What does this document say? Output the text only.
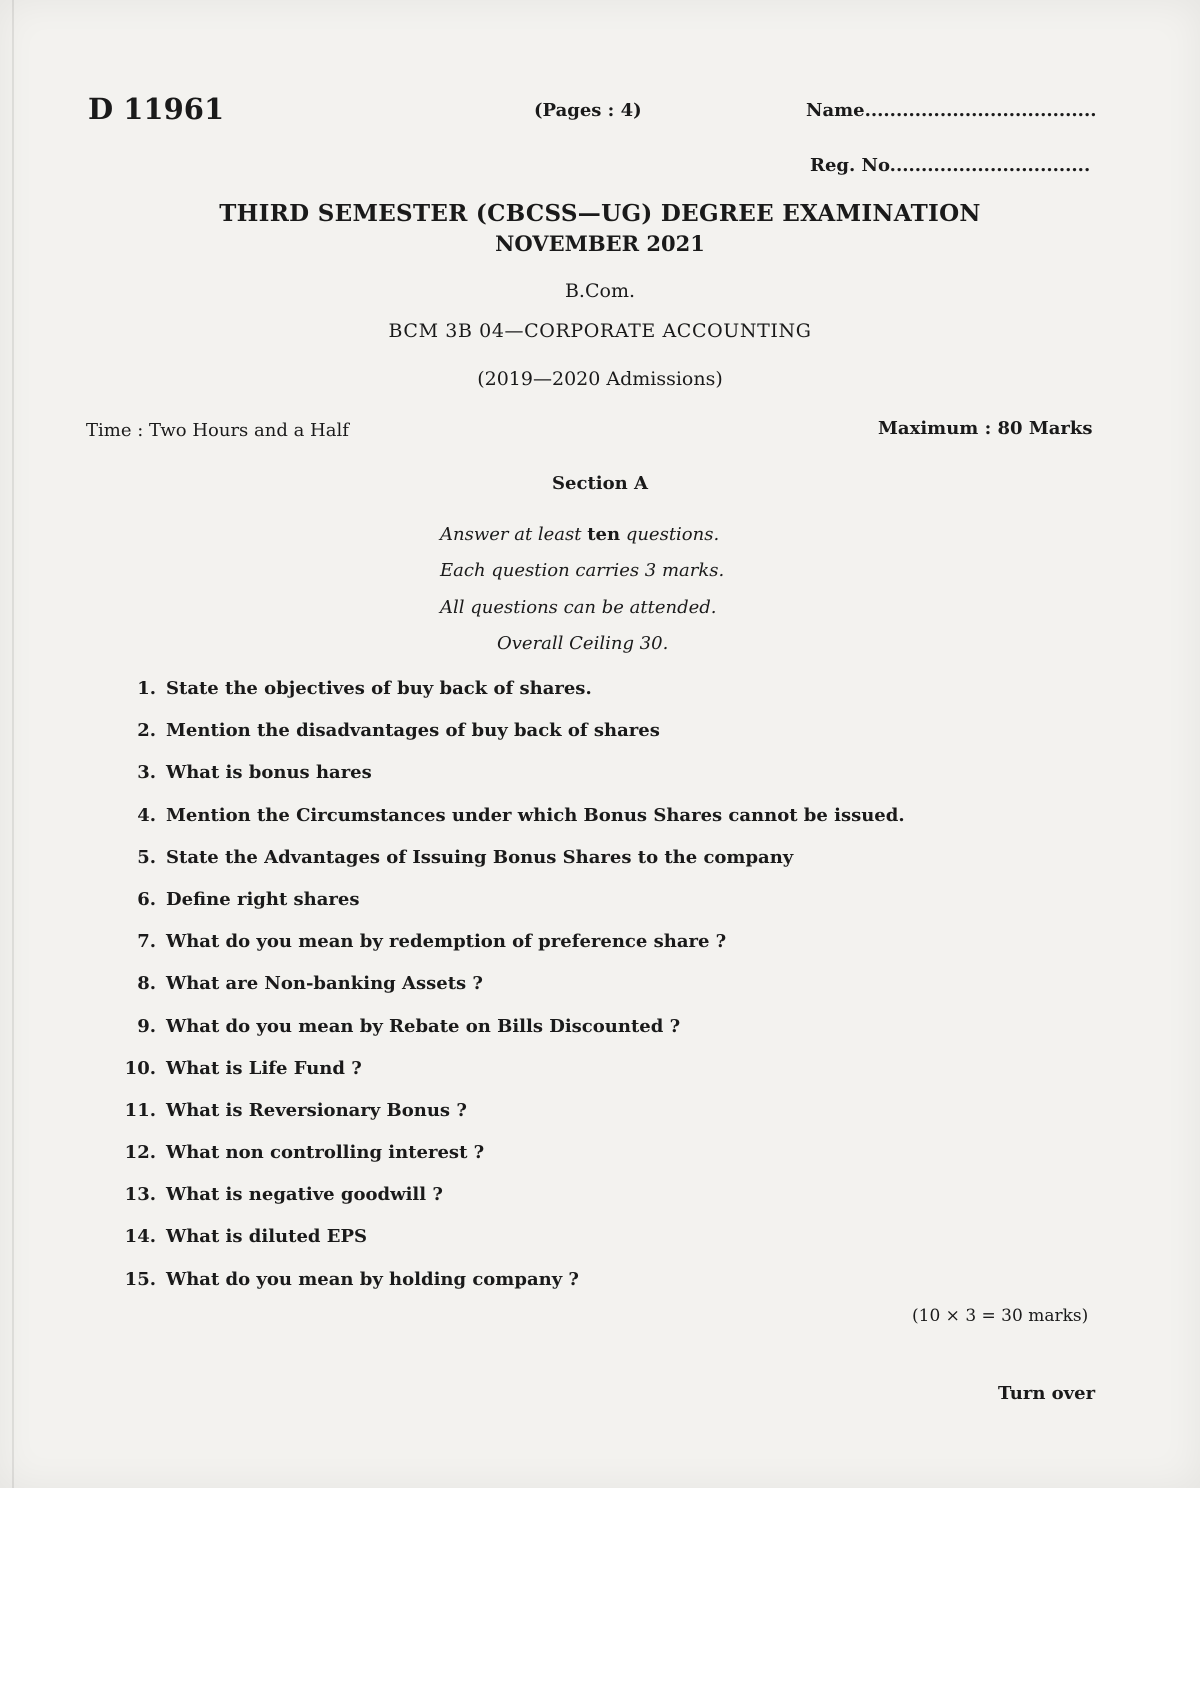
D 11961	(Pages : 4)	Name.....................................
Reg. No................................
THIRD SEMESTER (CBCSS—UG) DEGREE EXAMINATION
NOVEMBER 2021
B.Com.
BCM 3B 04—CORPORATE ACCOUNTING
(2019—2020 Admissions)
Time : Two Hours and a Half	Maximum : 80 Marks
Section A
Answer at least ten questions.
Each question carries 3 marks.
All questions can be attended.
Overall Ceiling 30.
1. State the objectives of buy back of shares.
2. Mention the disadvantages of buy back of shares
3. What is bonus hares
4. Mention the Circumstances under which Bonus Shares cannot be issued.
5. State the Advantages of Issuing Bonus Shares to the company
6. Define right shares
7. What do you mean by redemption of preference share ?
8. What are Non-banking Assets ?
9. What do you mean by Rebate on Bills Discounted ?
10. What is Life Fund ?
11. What is Reversionary Bonus ?
12. What non controlling interest ?
13. What is negative goodwill ?
14. What is diluted EPS
15. What do you mean by holding company ?
(10 × 3 = 30 marks)
Turn over
